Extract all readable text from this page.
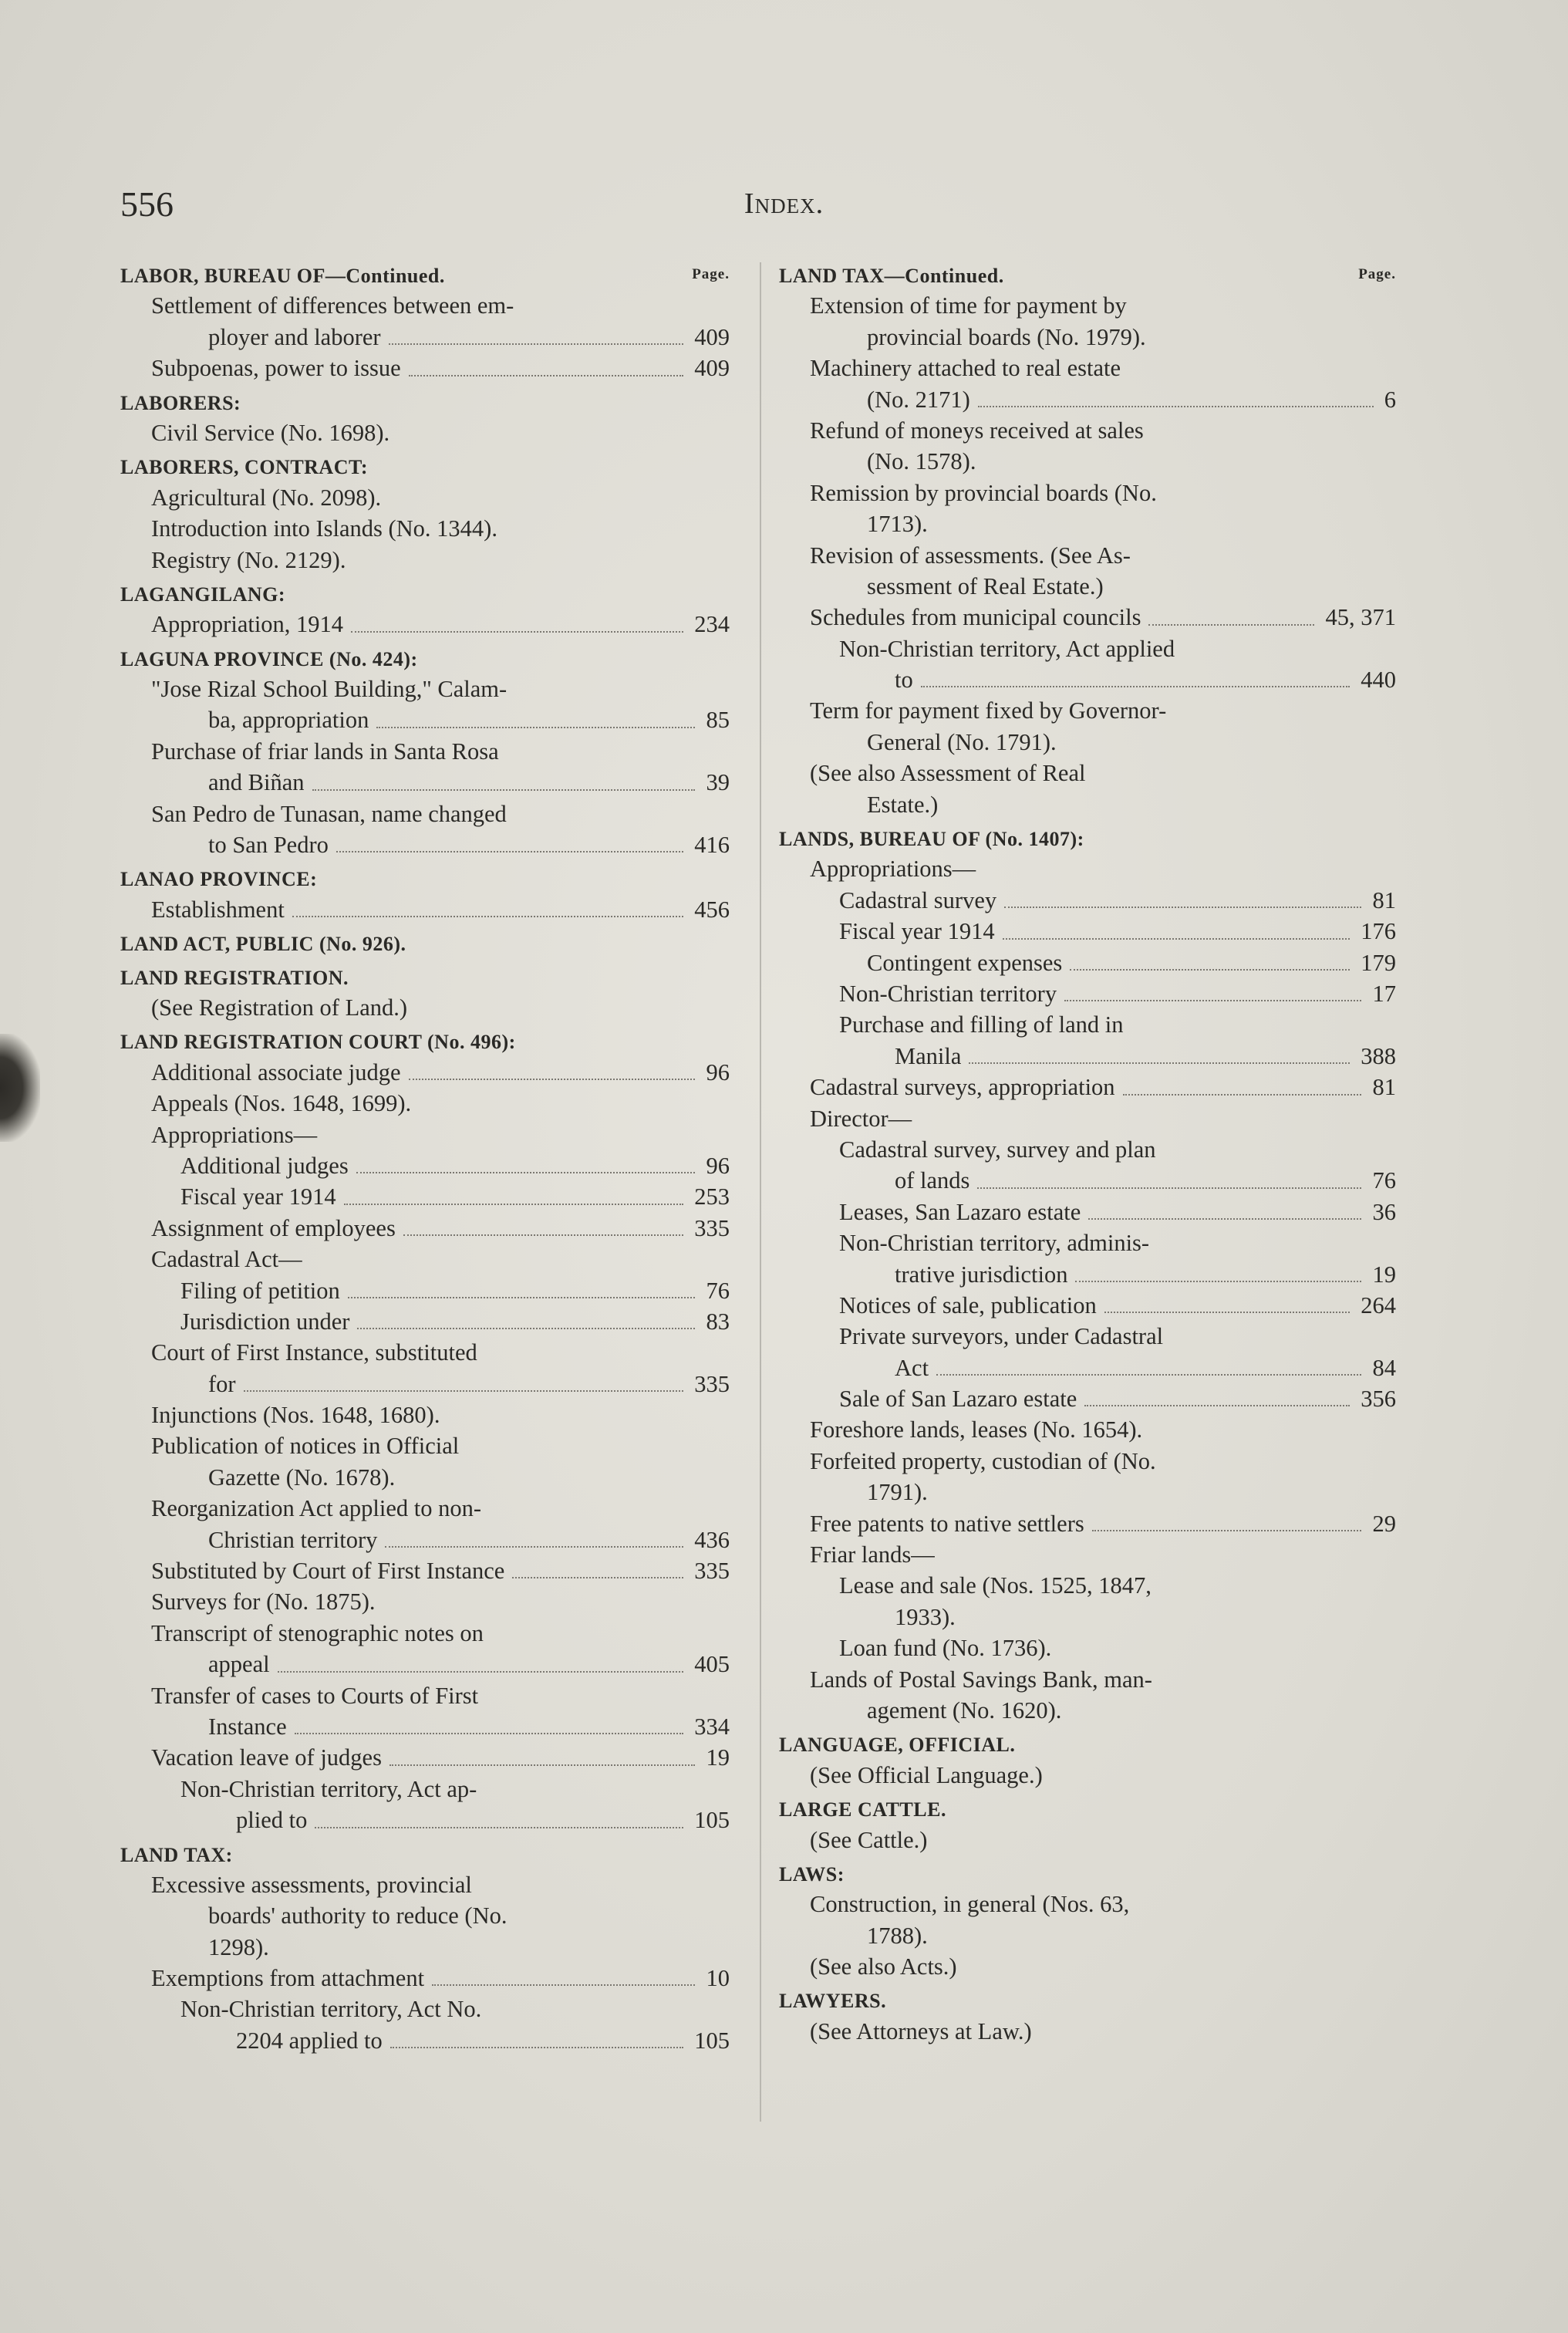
556	Index.
LABOR, BUREAU OF—Continued.	Page.
Settlement of differences between em-
ployer and laborer	409
Subpoenas, power to issue	409
LABORERS:
Civil Service (No. 1698).
LABORERS, CONTRACT:
Agricultural (No. 2098).
Introduction into Islands (No. 1344).
Registry (No. 2129).
LAGANGILANG:
Appropriation, 1914	234
LAGUNA PROVINCE (No. 424):
"Jose Rizal School Building," Calam-
ba, appropriation	85
Purchase of friar lands in Santa Rosa
and Biñan	39
San Pedro de Tunasan, name changed
to San Pedro	416
LANAO PROVINCE:
Establishment	456
LAND ACT, PUBLIC (No. 926).
LAND REGISTRATION.
(See Registration of Land.)
LAND REGISTRATION COURT (No. 496):
Additional associate judge	96
Appeals (Nos. 1648, 1699).
Appropriations—
Additional judges	96
Fiscal year 1914	253
Assignment of employees	335
Cadastral Act—
Filing of petition	76
Jurisdiction under	83
Court of First Instance, substituted
for	335
Injunctions (Nos. 1648, 1680).
Publication of notices in Official
Gazette (No. 1678).
Reorganization Act applied to non-
Christian territory	436
Substituted by Court of First Instance	335
Surveys for (No. 1875).
Transcript of stenographic notes on
appeal	405
Transfer of cases to Courts of First
Instance	334
Vacation leave of judges	19
Non-Christian territory, Act ap-
plied to	105
LAND TAX:
Excessive assessments, provincial
boards' authority to reduce (No.
1298).
Exemptions from attachment	10
Non-Christian territory, Act No.
2204 applied to	105
LAND TAX—Continued.	Page.
Extension of time for payment by
provincial boards (No. 1979).
Machinery attached to real estate
(No. 2171)	6
Refund of moneys received at sales
(No. 1578).
Remission by provincial boards (No.
1713).
Revision of assessments. (See As-
sessment of Real Estate.)
Schedules from municipal councils	45, 371
Non-Christian territory, Act applied
to	440
Term for payment fixed by Governor-
General (No. 1791).
(See also Assessment of Real
Estate.)
LANDS, BUREAU OF (No. 1407):
Appropriations—
Cadastral survey	81
Fiscal year 1914	176
Contingent expenses	179
Non-Christian territory	17
Purchase and filling of land in
Manila	388
Cadastral surveys, appropriation	81
Director—
Cadastral survey, survey and plan
of lands	76
Leases, San Lazaro estate	36
Non-Christian territory, adminis-
trative jurisdiction	19
Notices of sale, publication	264
Private surveyors, under Cadastral
Act	84
Sale of San Lazaro estate	356
Foreshore lands, leases (No. 1654).
Forfeited property, custodian of (No.
1791).
Free patents to native settlers	29
Friar lands—
Lease and sale (Nos. 1525, 1847,
1933).
Loan fund (No. 1736).
Lands of Postal Savings Bank, man-
agement (No. 1620).
LANGUAGE, OFFICIAL.
(See Official Language.)
LARGE CATTLE.
(See Cattle.)
LAWS:
Construction, in general (Nos. 63,
1788).
(See also Acts.)
LAWYERS.
(See Attorneys at Law.)
